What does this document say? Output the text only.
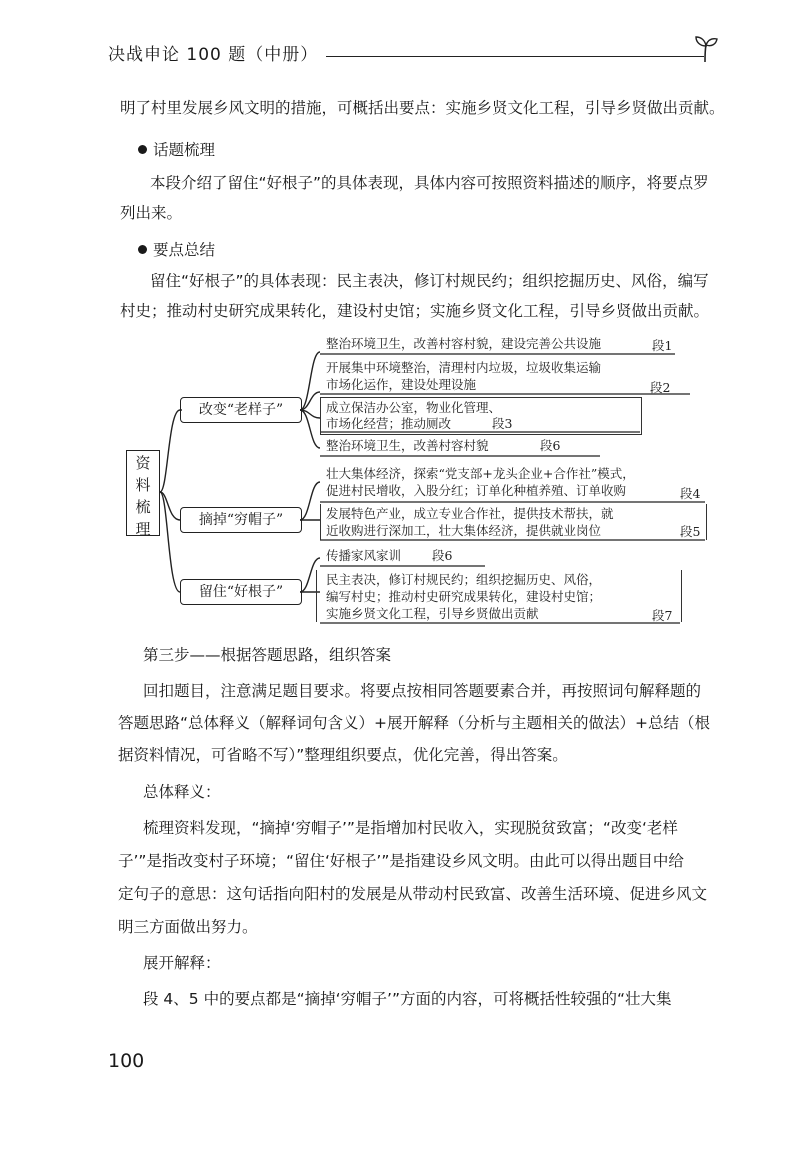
决战申论 100 题（中册）
明了村里发展乡风文明的措施，可概括出要点：实施乡贤文化工程，引导乡贤做出贡献。
话题梳理
本段介绍了留住“好根子”的具体表现，具体内容可按照资料描述的顺序，将要点罗
列出来。
要点总结
留住“好根子”的具体表现：民主表决，修订村规民约；组织挖掘历史、风俗，编写
村史；推动村史研究成果转化，建设村史馆；实施乡贤文化工程，引导乡贤做出贡献。
资
料
梳
理
改变“老样子”
整治环境卫生，改善村容村貌，建设完善公共设施	段1
开展集中环境整治，清理村内垃圾，垃圾收集运输
市场化运作，建设处理设施	段2
成立保洁办公室，物业化管理、
市场化经营；推动厕改	段3
整治环境卫生，改善村容村貌	段6
摘掉“穷帽子”
壮大集体经济，探索“党支部+龙头企业+合作社”模式，
促进村民增收，入股分红；订单化种植养殖、订单收购	段4
发展特色产业，成立专业合作社，提供技术帮扶，就
近收购进行深加工，壮大集体经济，提供就业岗位	段5
留住“好根子”
传播家风家训 段6
民主表决，修订村规民约；组织挖掘历史、风俗，
编写村史；推动村史研究成果转化，建设村史馆；
实施乡贤文化工程，引导乡贤做出贡献	段7
第三步——根据答题思路，组织答案
回扣题目，注意满足题目要求。将要点按相同答题要素合并，再按照词句解释题的
答题思路“总体释义（解释词句含义）+展开解释（分析与主题相关的做法）+总结（根
据资料情况，可省略不写）”整理组织要点，优化完善，得出答案。
总体释义：
梳理资料发现，“摘掉‘穷帽子’”是指增加村民收入，实现脱贫致富；“改变‘老样
子’”是指改变村子环境；“留住‘好根子’”是指建设乡风文明。由此可以得出题目中给
定句子的意思：这句话指向阳村的发展是从带动村民致富、改善生活环境、促进乡风文
明三方面做出努力。
展开解释：
段 4、5 中的要点都是“摘掉‘穷帽子’”方面的内容，可将概括性较强的“壮大集
100
